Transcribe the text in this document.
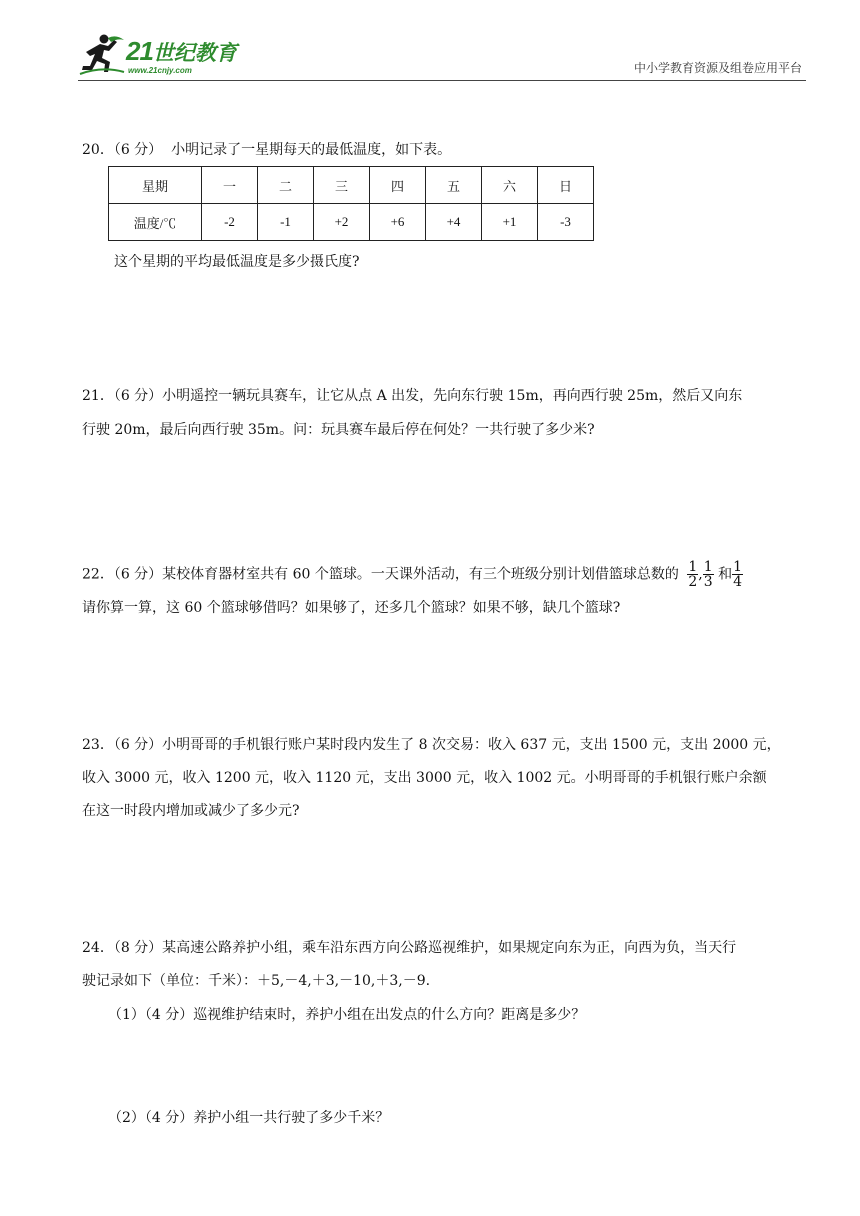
21世纪教育
www.21cnjy.com	中小学教育资源及组卷应用平台
20．（6 分） 小明记录了一星期每天的最低温度，如下表。
星期	一	二	三	四	五	六	日
温度/℃	-2	-1	+2	+6	+4	+1	-3
这个星期的平均最低温度是多少摄氏度?
21．（6 分）小明遥控一辆玩具赛车，让它从点 A 出发，先向东行驶 15m，再向西行驶 25m，然后又向东
行驶 20m，最后向西行驶 35m。问：玩具赛车最后停在何处？一共行驶了多少米?
22．（6 分）某校体育器材室共有 60 个篮球。一天课外活动，有三个班级分别计划借篮球总数的 $\frac{1}{2}$ , $\frac{1}{3}$ 和 $\frac{1}{4}$
请你算一算，这 60 个篮球够借吗？如果够了，还多几个篮球？如果不够，缺几个篮球?
23．（6 分）小明哥哥的手机银行账户某时段内发生了 8 次交易：收入 637 元，支出 1500 元，支出 2000 元，
收入 3000 元，收入 1200 元，收入 1120 元，支出 3000 元，收入 1002 元。小明哥哥的手机银行账户余额
在这一时段内增加或减少了多少元?
24．（8 分）某高速公路养护小组，乘车沿东西方向公路巡视维护，如果规定向东为正，向西为负，当天行
驶记录如下（单位：千米）：＋5,－4,＋3,－10,＋3,－9.
（1）（4 分）巡视维护结束时，养护小组在出发点的什么方向？距离是多少？
（2）（4 分）养护小组一共行驶了多少千米？
